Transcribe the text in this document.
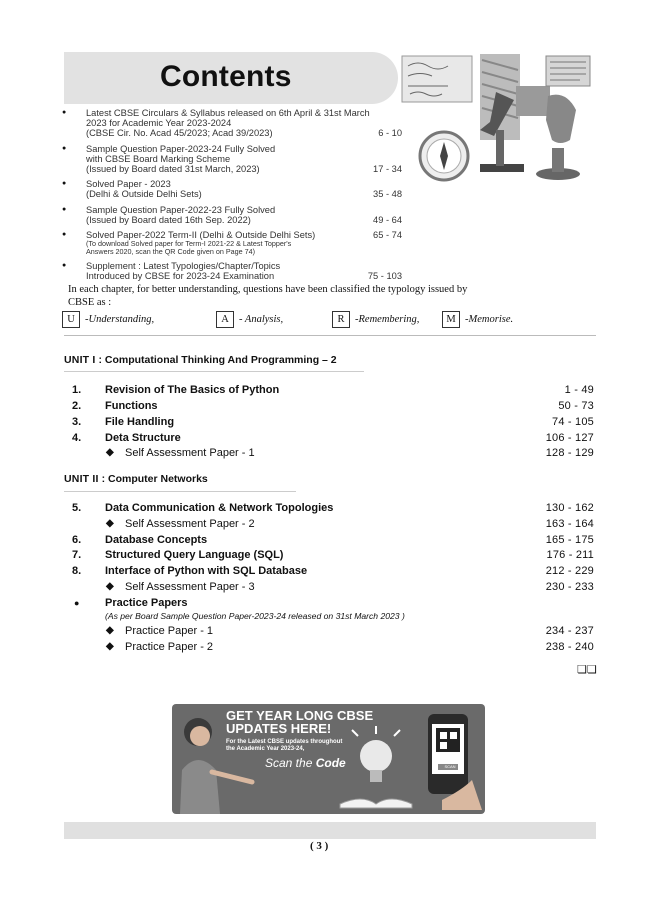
Contents
● Latest CBSE Circulars & Syllabus released on 6th April & 31st March
2023 for Academic Year 2023-2024
(CBSE Cir. No. Acad 45/2023; Acad 39/2023)	6 - 10
● Sample Question Paper-2023-24 Fully Solved
with CBSE Board Marking Scheme
(Issued by Board dated 31st March, 2023)	17 - 34
● Solved Paper - 2023
(Delhi & Outside Delhi Sets)	35 - 48
● Sample Question Paper-2022-23 Fully Solved
(Issued by Board dated 16th Sep. 2022)	49 - 64
● Solved Paper-2022 Term-II (Delhi & Outside Delhi Sets)
(To download Solved paper for Term-I 2021-22 & Latest Topper's
Answers 2020, scan the QR Code given on Page 74)
65 - 74
● Supplement : Latest Typologies/Chapter/Topics
Introduced by CBSE for 2023-24 Examination	75 - 103
In each chapter, for better understanding, questions have been classified the typology issued by CBSE as :
U -Understanding,	A - Analysis,	R -Remembering,	M -Memorise.
UNIT I : Computational Thinking And Programming – 2
1. Revision of The Basics of Python	1 - 49
2. Functions	50 - 73
3. File Handling	74 - 105
4. Deta Structure	106 - 127
◆ Self Assessment Paper - 1	128 - 129
UNIT II : Computer Networks
5. Data Communication & Network Topologies	130 - 162
◆ Self Assessment Paper - 2	163 - 164
6. Database Concepts	165 - 175
7. Structured Query Language (SQL)	176 - 211
8. Interface of Python with SQL Database	212 - 229
◆ Self Assessment Paper - 3	230 - 233
● Practice Papers
(As per Board Sample Question Paper-2023-24 released on 31st March 2023 )
◆ Practice Paper - 1	234 - 237
◆ Practice Paper - 2	238 - 240
❏❏
GET YEAR LONG CBSE
UPDATES HERE!
For the Latest CBSE updates throughout the Academic Year 2023-24,
Scan the Code	SCAN
( 3 )
